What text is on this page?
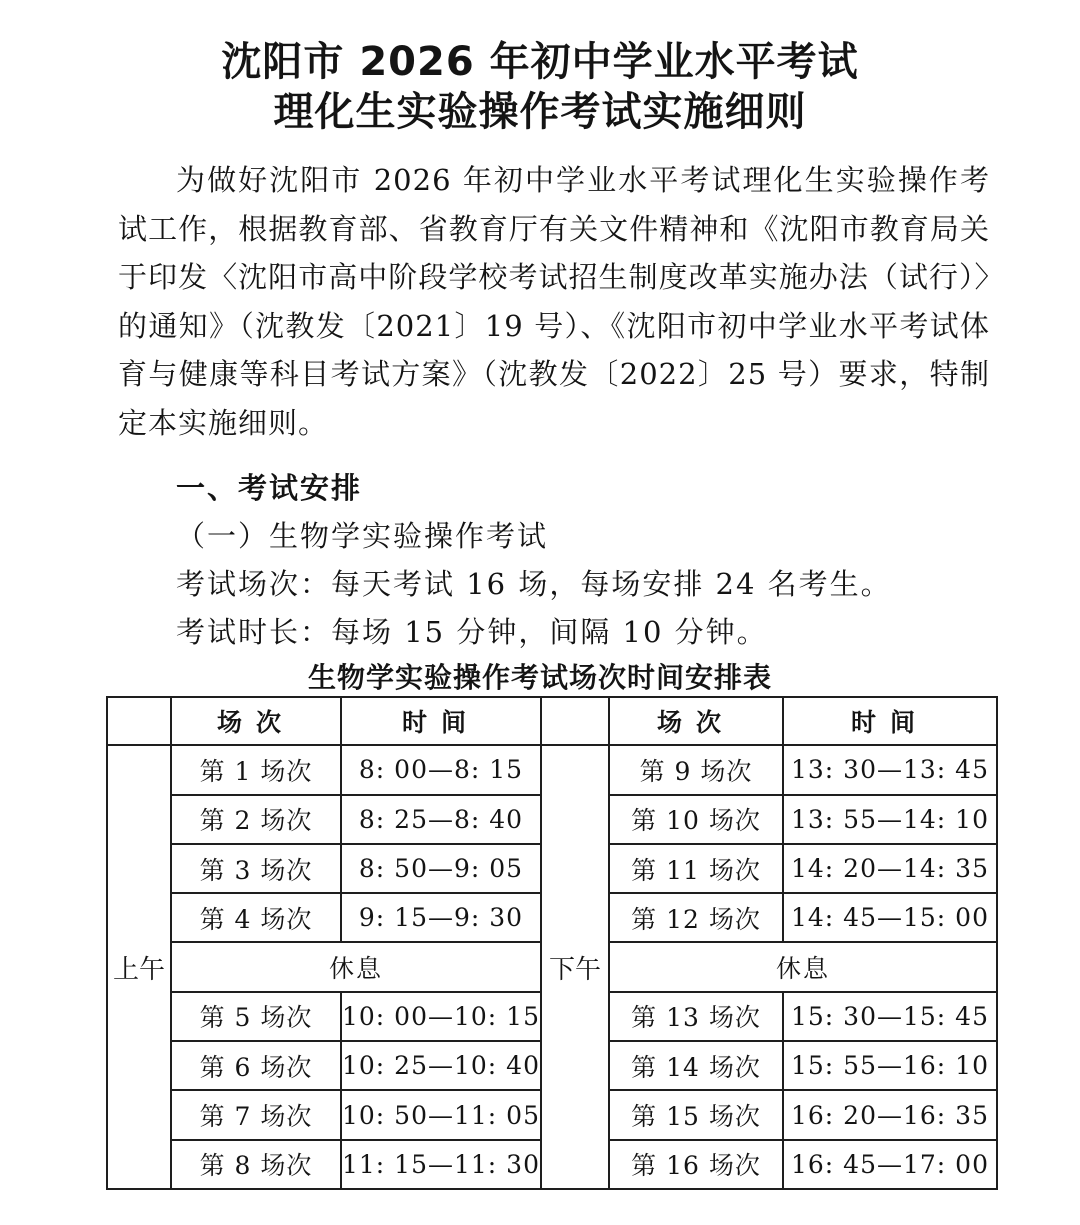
沈阳市 2026 年初中学业水平考试
理化生实验操作考试实施细则

为做好沈阳市 2026 年初中学业水平考试理化生实验操作考试工作，根据教育部、省教育厅有关文件精神和《沈阳市教育局关于印发〈沈阳市高中阶段学校考试招生制度改革实施办法（试行）〉的通知》（沈教发〔2021〕19 号）、《沈阳市初中学业水平考试体育与健康等科目考试方案》（沈教发〔2022〕25 号）要求，特制定本实施细则。

一、考试安排
（一）生物学实验操作考试
考试场次：每天考试 16 场，每场安排 24 名考生。
考试时长：每场 15 分钟，间隔 10 分钟。
生物学实验操作考试场次时间安排表
	场次	时间		场次	时间
上午	第 1 场次	8: 00—8: 15	下午	第 9 场次	13: 30—13: 45
	第 2 场次	8: 25—8: 40		第 10 场次	13: 55—14: 10
	第 3 场次	8: 50—9: 05		第 11 场次	14: 20—14: 35
	第 4 场次	9: 15—9: 30		第 12 场次	14: 45—15: 00
	休息			休息	
	第 5 场次	10: 00—10: 15		第 13 场次	15: 30—15: 45
	第 6 场次	10: 25—10: 40		第 14 场次	15: 55—16: 10
	第 7 场次	10: 50—11: 05		第 15 场次	16: 20—16: 35
	第 8 场次	11: 15—11: 30		第 16 场次	16: 45—17: 00
